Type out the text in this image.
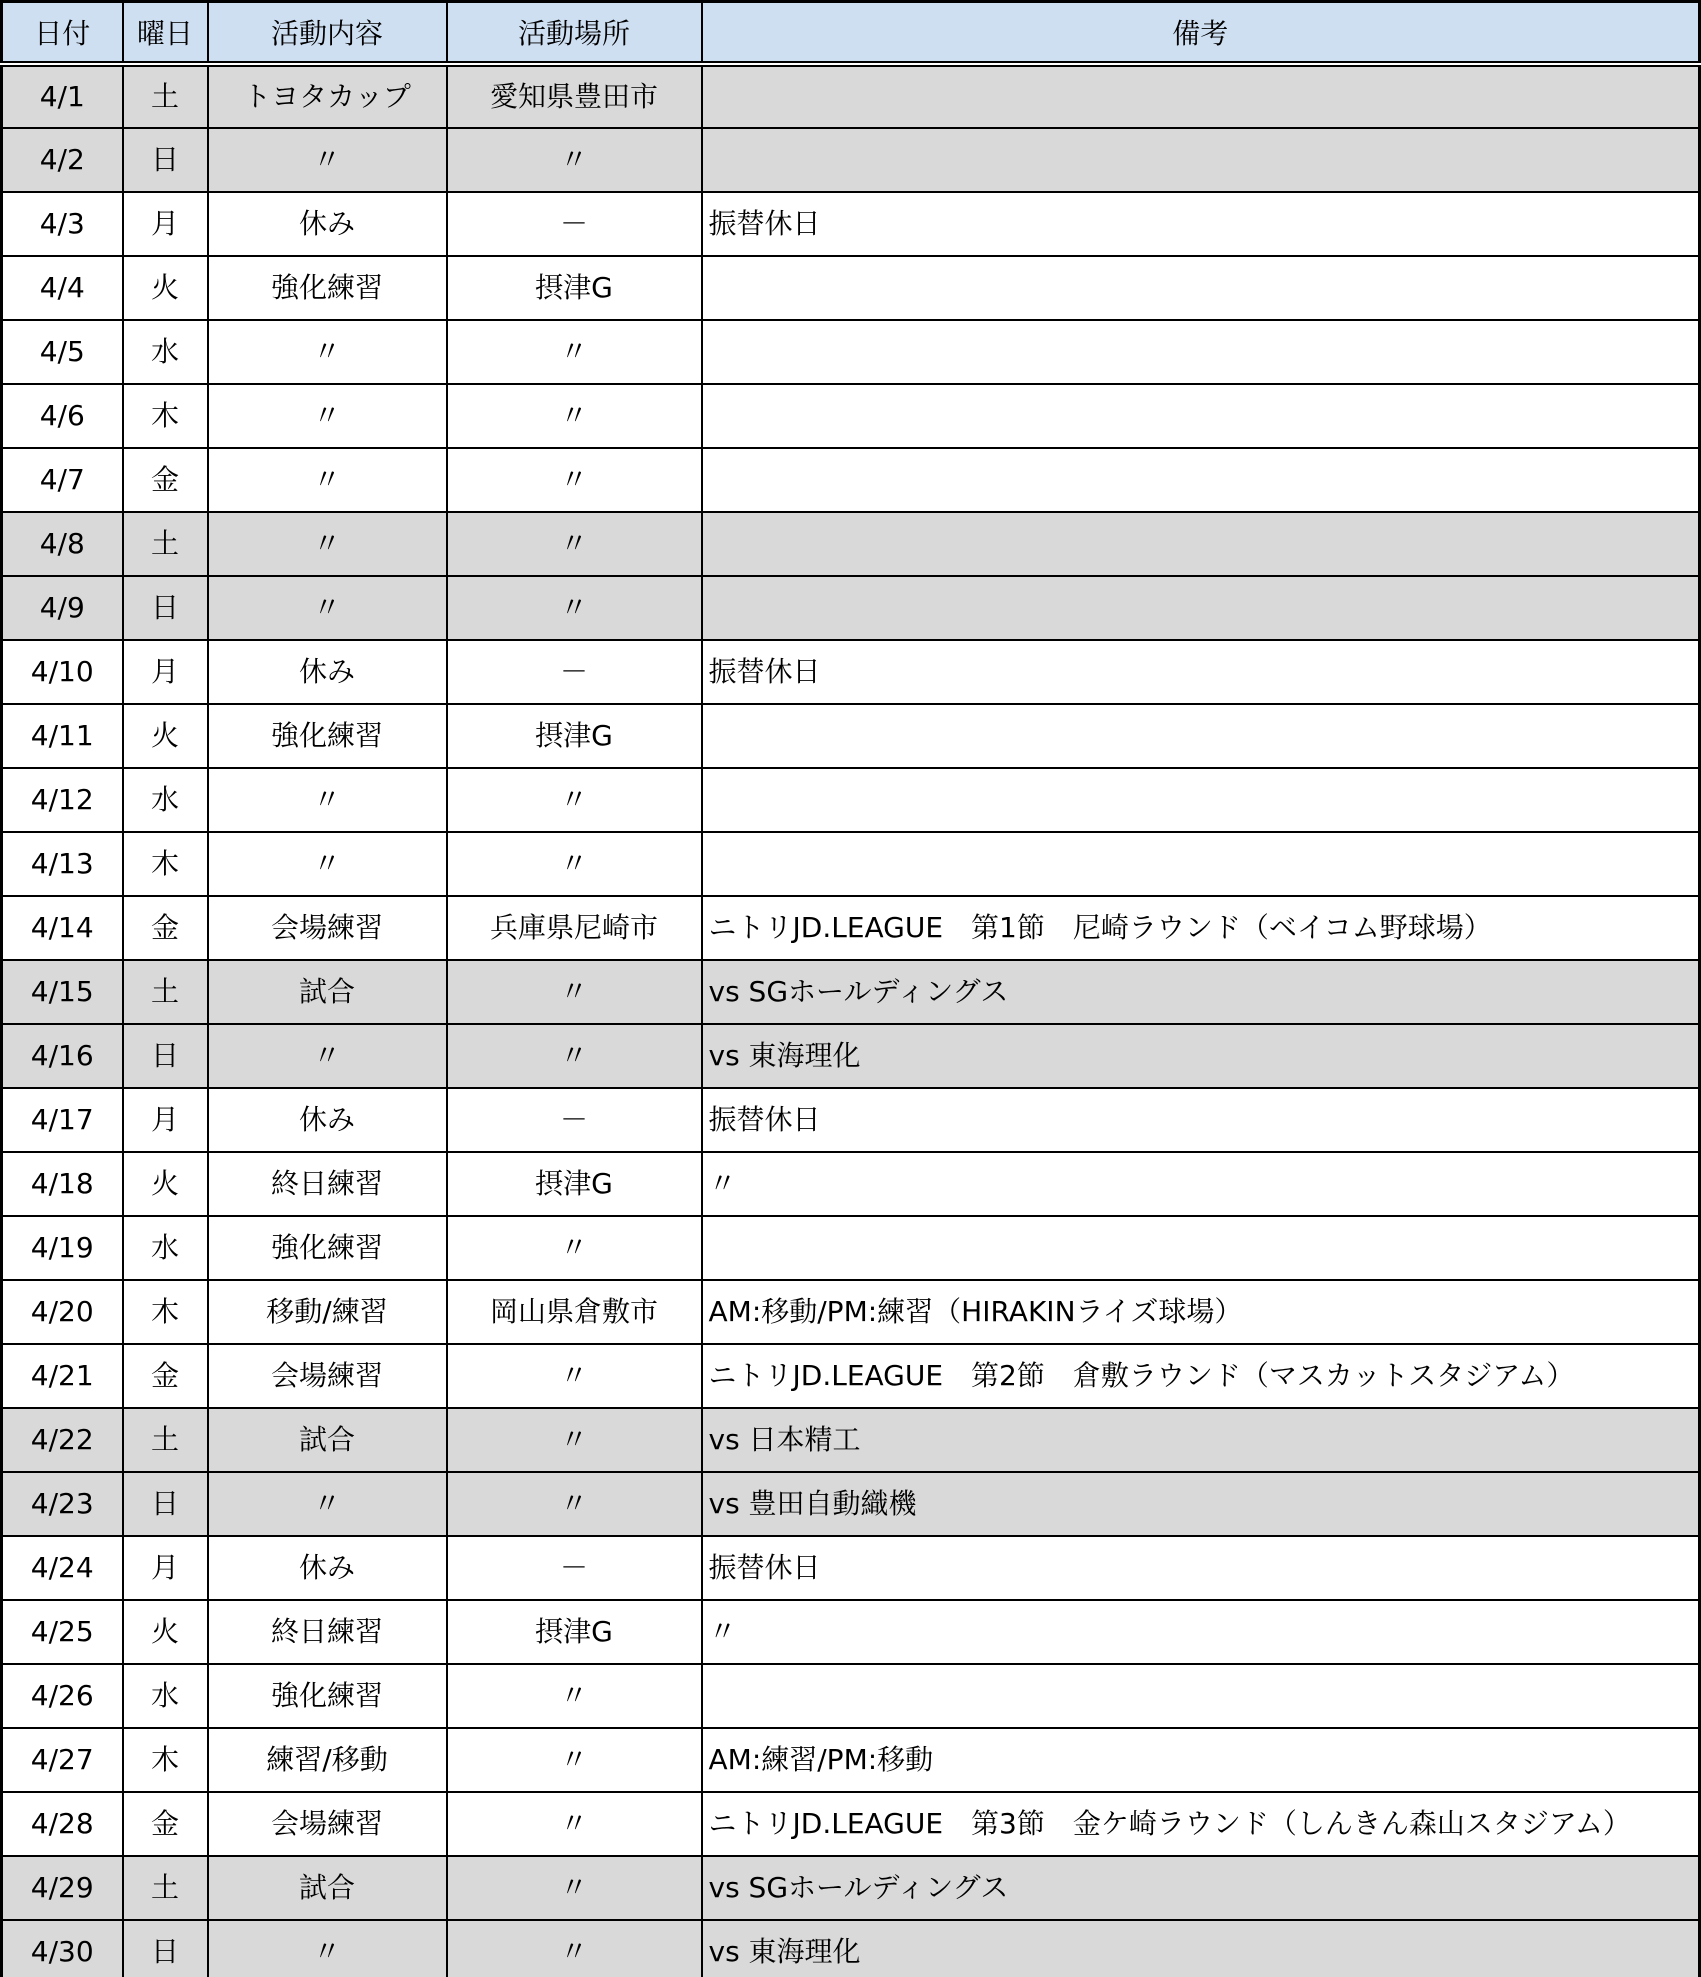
日付	曜日	活動内容	活動場所	備考
4/1	土	トヨタカップ	愛知県豊田市	
4/2	日	〃	〃	
4/3	月	休み	－	振替休日
4/4	火	強化練習	摂津G	
4/5	水	〃	〃	
4/6	木	〃	〃	
4/7	金	〃	〃	
4/8	土	〃	〃	
4/9	日	〃	〃	
4/10	月	休み	－	振替休日
4/11	火	強化練習	摂津G	
4/12	水	〃	〃	
4/13	木	〃	〃	
4/14	金	会場練習	兵庫県尼崎市	ニトリJD.LEAGUE　第1節　尼崎ラウンド（ベイコム野球場）
4/15	土	試合	〃	vs SGホールディングス
4/16	日	〃	〃	vs 東海理化
4/17	月	休み	－	振替休日
4/18	火	終日練習	摂津G	〃
4/19	水	強化練習	〃	
4/20	木	移動/練習	岡山県倉敷市	AM:移動/PM:練習（HIRAKINライズ球場）
4/21	金	会場練習	〃	ニトリJD.LEAGUE　第2節　倉敷ラウンド（マスカットスタジアム）
4/22	土	試合	〃	vs 日本精工
4/23	日	〃	〃	vs 豊田自動織機
4/24	月	休み	－	振替休日
4/25	火	終日練習	摂津G	〃
4/26	水	強化練習	〃	
4/27	木	練習/移動	〃	AM:練習/PM:移動
4/28	金	会場練習	〃	ニトリJD.LEAGUE　第3節　金ケ崎ラウンド（しんきん森山スタジアム）
4/29	土	試合	〃	vs SGホールディングス
4/30	日	〃	〃	vs 東海理化
